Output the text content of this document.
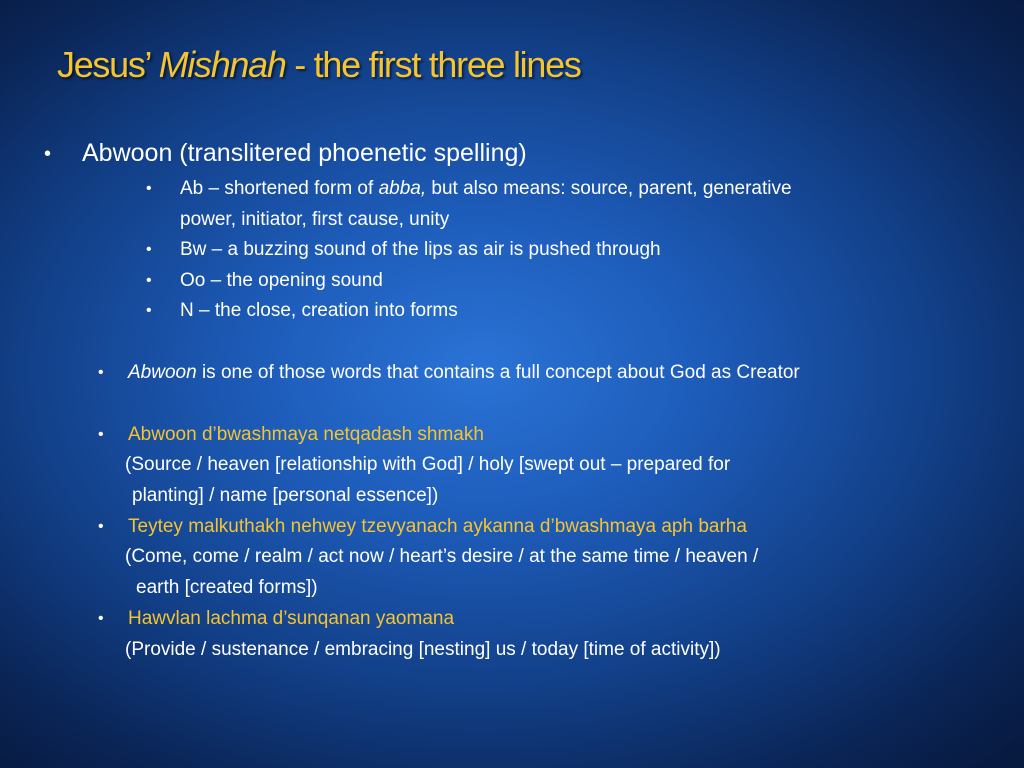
Jesus’ Mishnah - the first three lines
• Abwoon (translitered phoenetic spelling)
• Ab – shortened form of abba, but also means: source, parent, generative
power, initiator, first cause, unity
• Bw – a buzzing sound of the lips as air is pushed through
• Oo – the opening sound
• N – the close, creation into forms
• Abwoon is one of those words that contains a full concept about God as Creator
• Abwoon d’bwashmaya netqadash shmakh
(Source / heaven [relationship with God] / holy [swept out – prepared for
planting] / name [personal essence])
• Teytey malkuthakh nehwey tzevyanach aykanna d’bwashmaya aph barha
(Come, come / realm / act now / heart’s desire / at the same time / heaven /
earth [created forms])
• Hawvlan lachma d’sunqanan yaomana
(Provide / sustenance / embracing [nesting] us / today [time of activity])
